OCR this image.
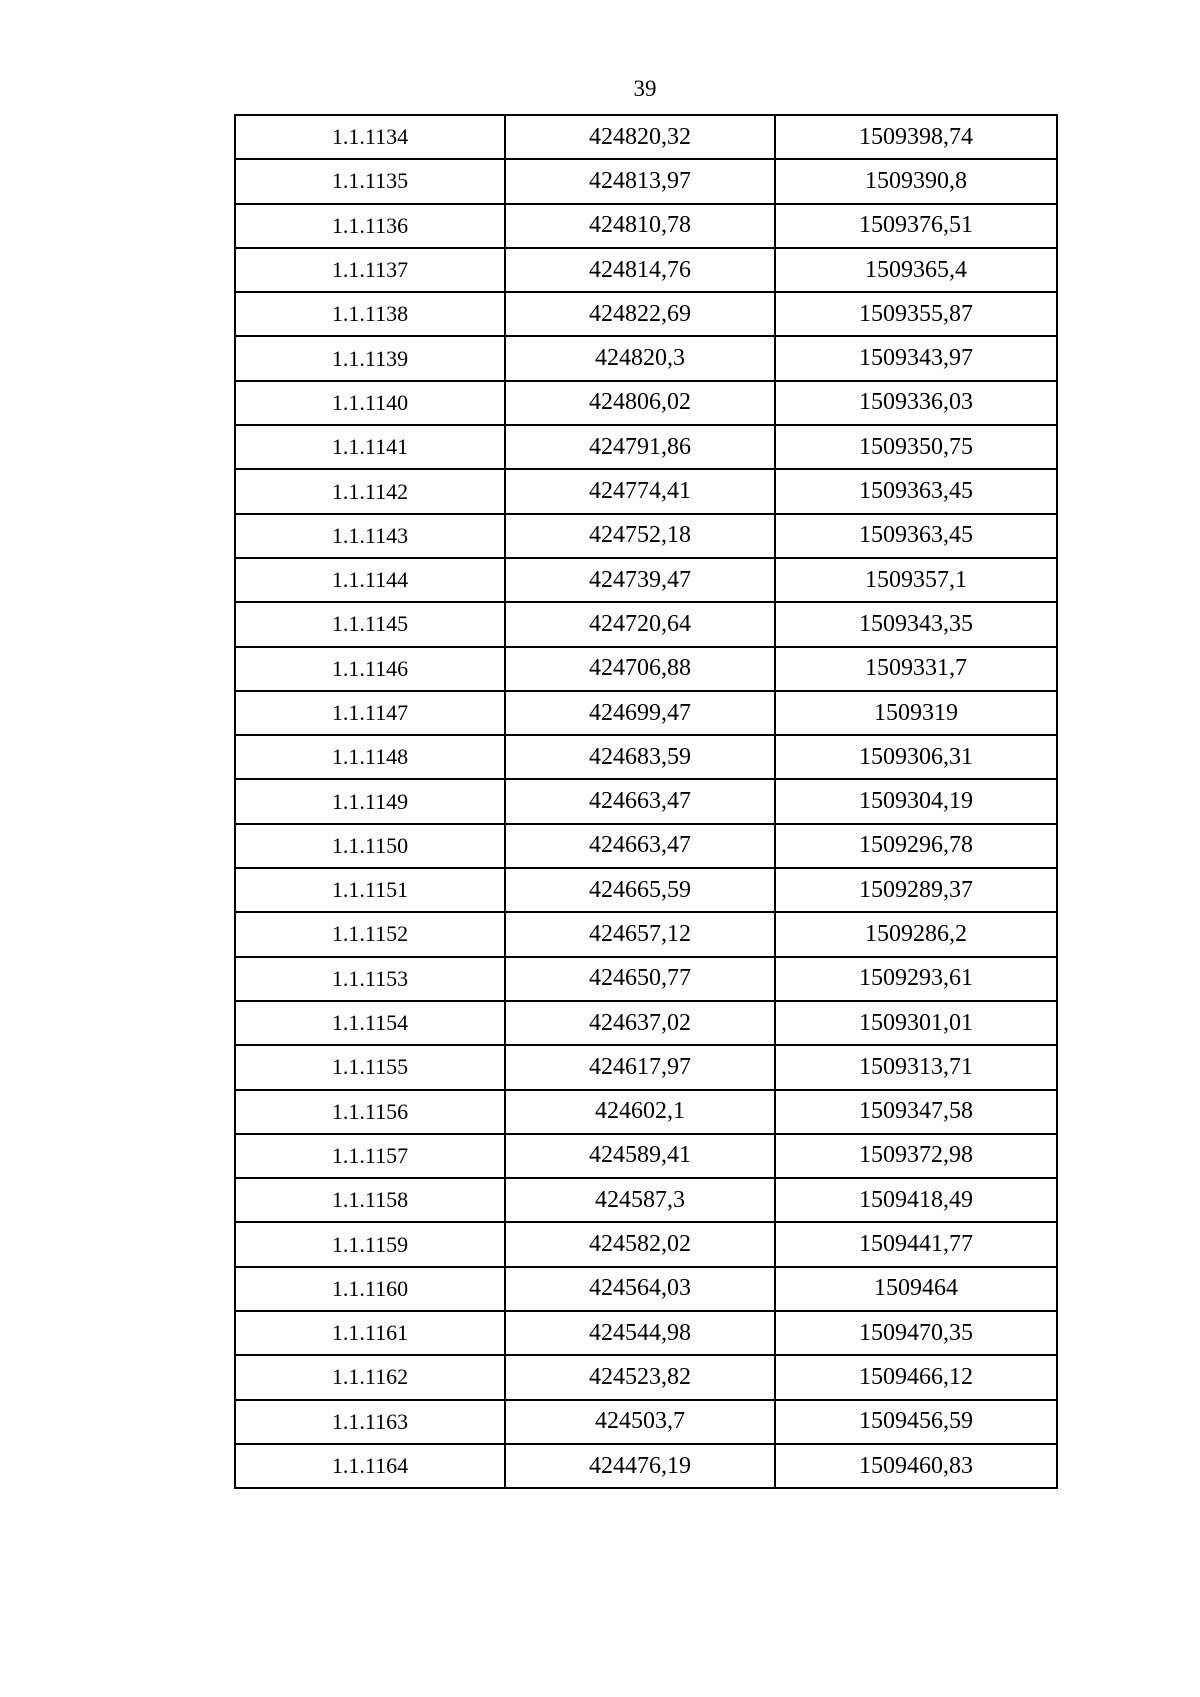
39
1.1.1134	424820,32	1509398,74
1.1.1135	424813,97	1509390,8
1.1.1136	424810,78	1509376,51
1.1.1137	424814,76	1509365,4
1.1.1138	424822,69	1509355,87
1.1.1139	424820,3	1509343,97
1.1.1140	424806,02	1509336,03
1.1.1141	424791,86	1509350,75
1.1.1142	424774,41	1509363,45
1.1.1143	424752,18	1509363,45
1.1.1144	424739,47	1509357,1
1.1.1145	424720,64	1509343,35
1.1.1146	424706,88	1509331,7
1.1.1147	424699,47	1509319
1.1.1148	424683,59	1509306,31
1.1.1149	424663,47	1509304,19
1.1.1150	424663,47	1509296,78
1.1.1151	424665,59	1509289,37
1.1.1152	424657,12	1509286,2
1.1.1153	424650,77	1509293,61
1.1.1154	424637,02	1509301,01
1.1.1155	424617,97	1509313,71
1.1.1156	424602,1	1509347,58
1.1.1157	424589,41	1509372,98
1.1.1158	424587,3	1509418,49
1.1.1159	424582,02	1509441,77
1.1.1160	424564,03	1509464
1.1.1161	424544,98	1509470,35
1.1.1162	424523,82	1509466,12
1.1.1163	424503,7	1509456,59
1.1.1164	424476,19	1509460,83
